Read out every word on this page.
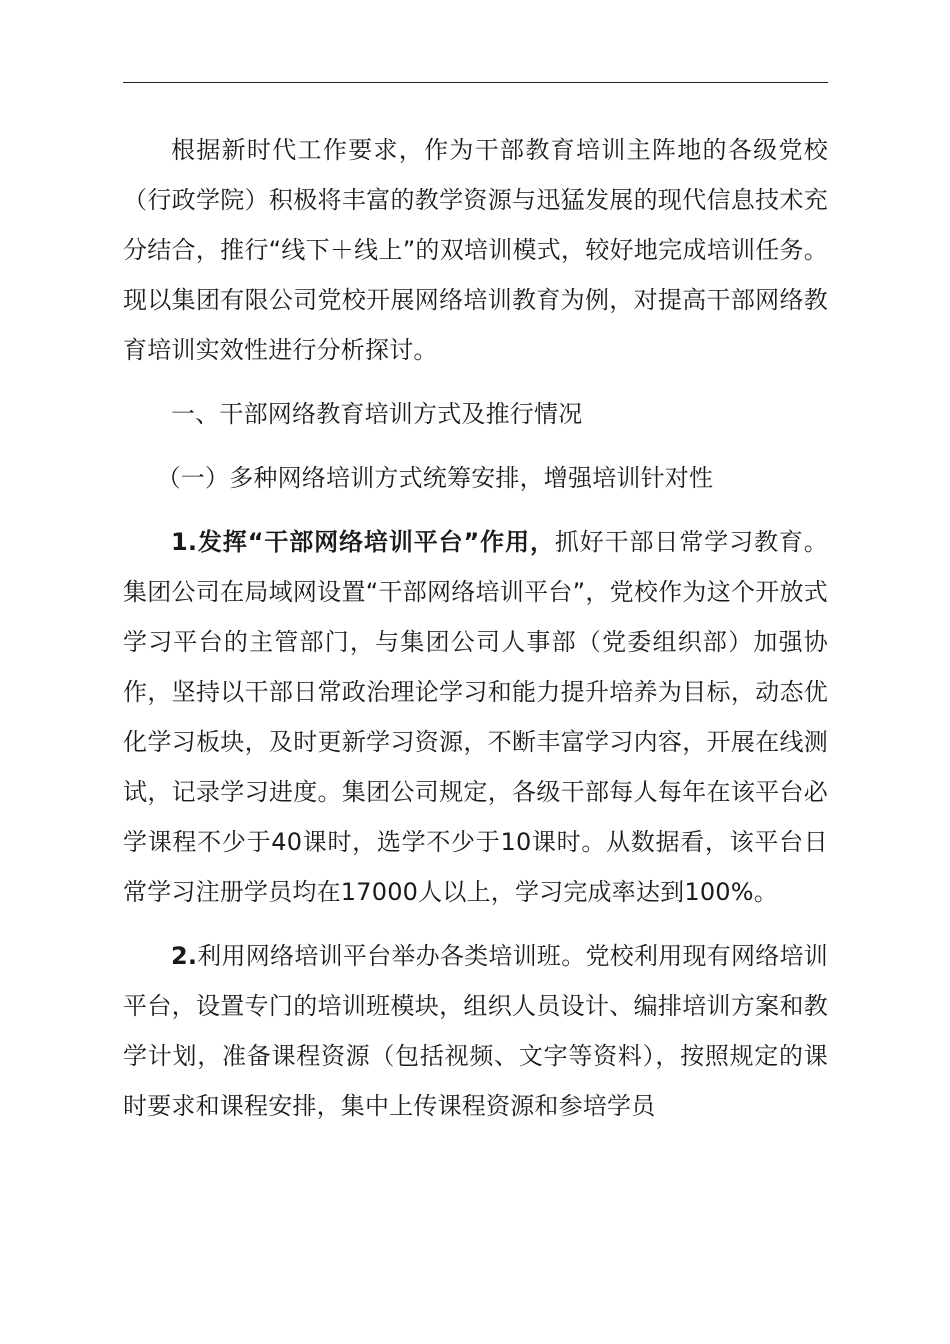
根据新时代工作要求，作为干部教育培训主阵地的各级党校（行政学院）积极将丰富的教学资源与迅猛发展的现代信息技术充分结合，推行“线下＋线上”的双培训模式，较好地完成培训任务。现以集团有限公司党校开展网络培训教育为例，对提高干部网络教育培训实效性进行分析探讨。

一、干部网络教育培训方式及推行情况

（一）多种网络培训方式统筹安排，增强培训针对性

1.发挥“干部网络培训平台”作用，抓好干部日常学习教育。集团公司在局域网设置“干部网络培训平台”，党校作为这个开放式学习平台的主管部门，与集团公司人事部（党委组织部）加强协作，坚持以干部日常政治理论学习和能力提升培养为目标，动态优化学习板块，及时更新学习资源，不断丰富学习内容，开展在线测试，记录学习进度。集团公司规定，各级干部每人每年在该平台必学课程不少于40课时，选学不少于10课时。从数据看，该平台日常学习注册学员均在17000人以上，学习完成率达到100%。

2.利用网络培训平台举办各类培训班。党校利用现有网络培训平台，设置专门的培训班模块，组织人员设计、编排培训方案和教学计划，准备课程资源（包括视频、文字等资料），按照规定的课时要求和课程安排，集中上传课程资源和参培学员
